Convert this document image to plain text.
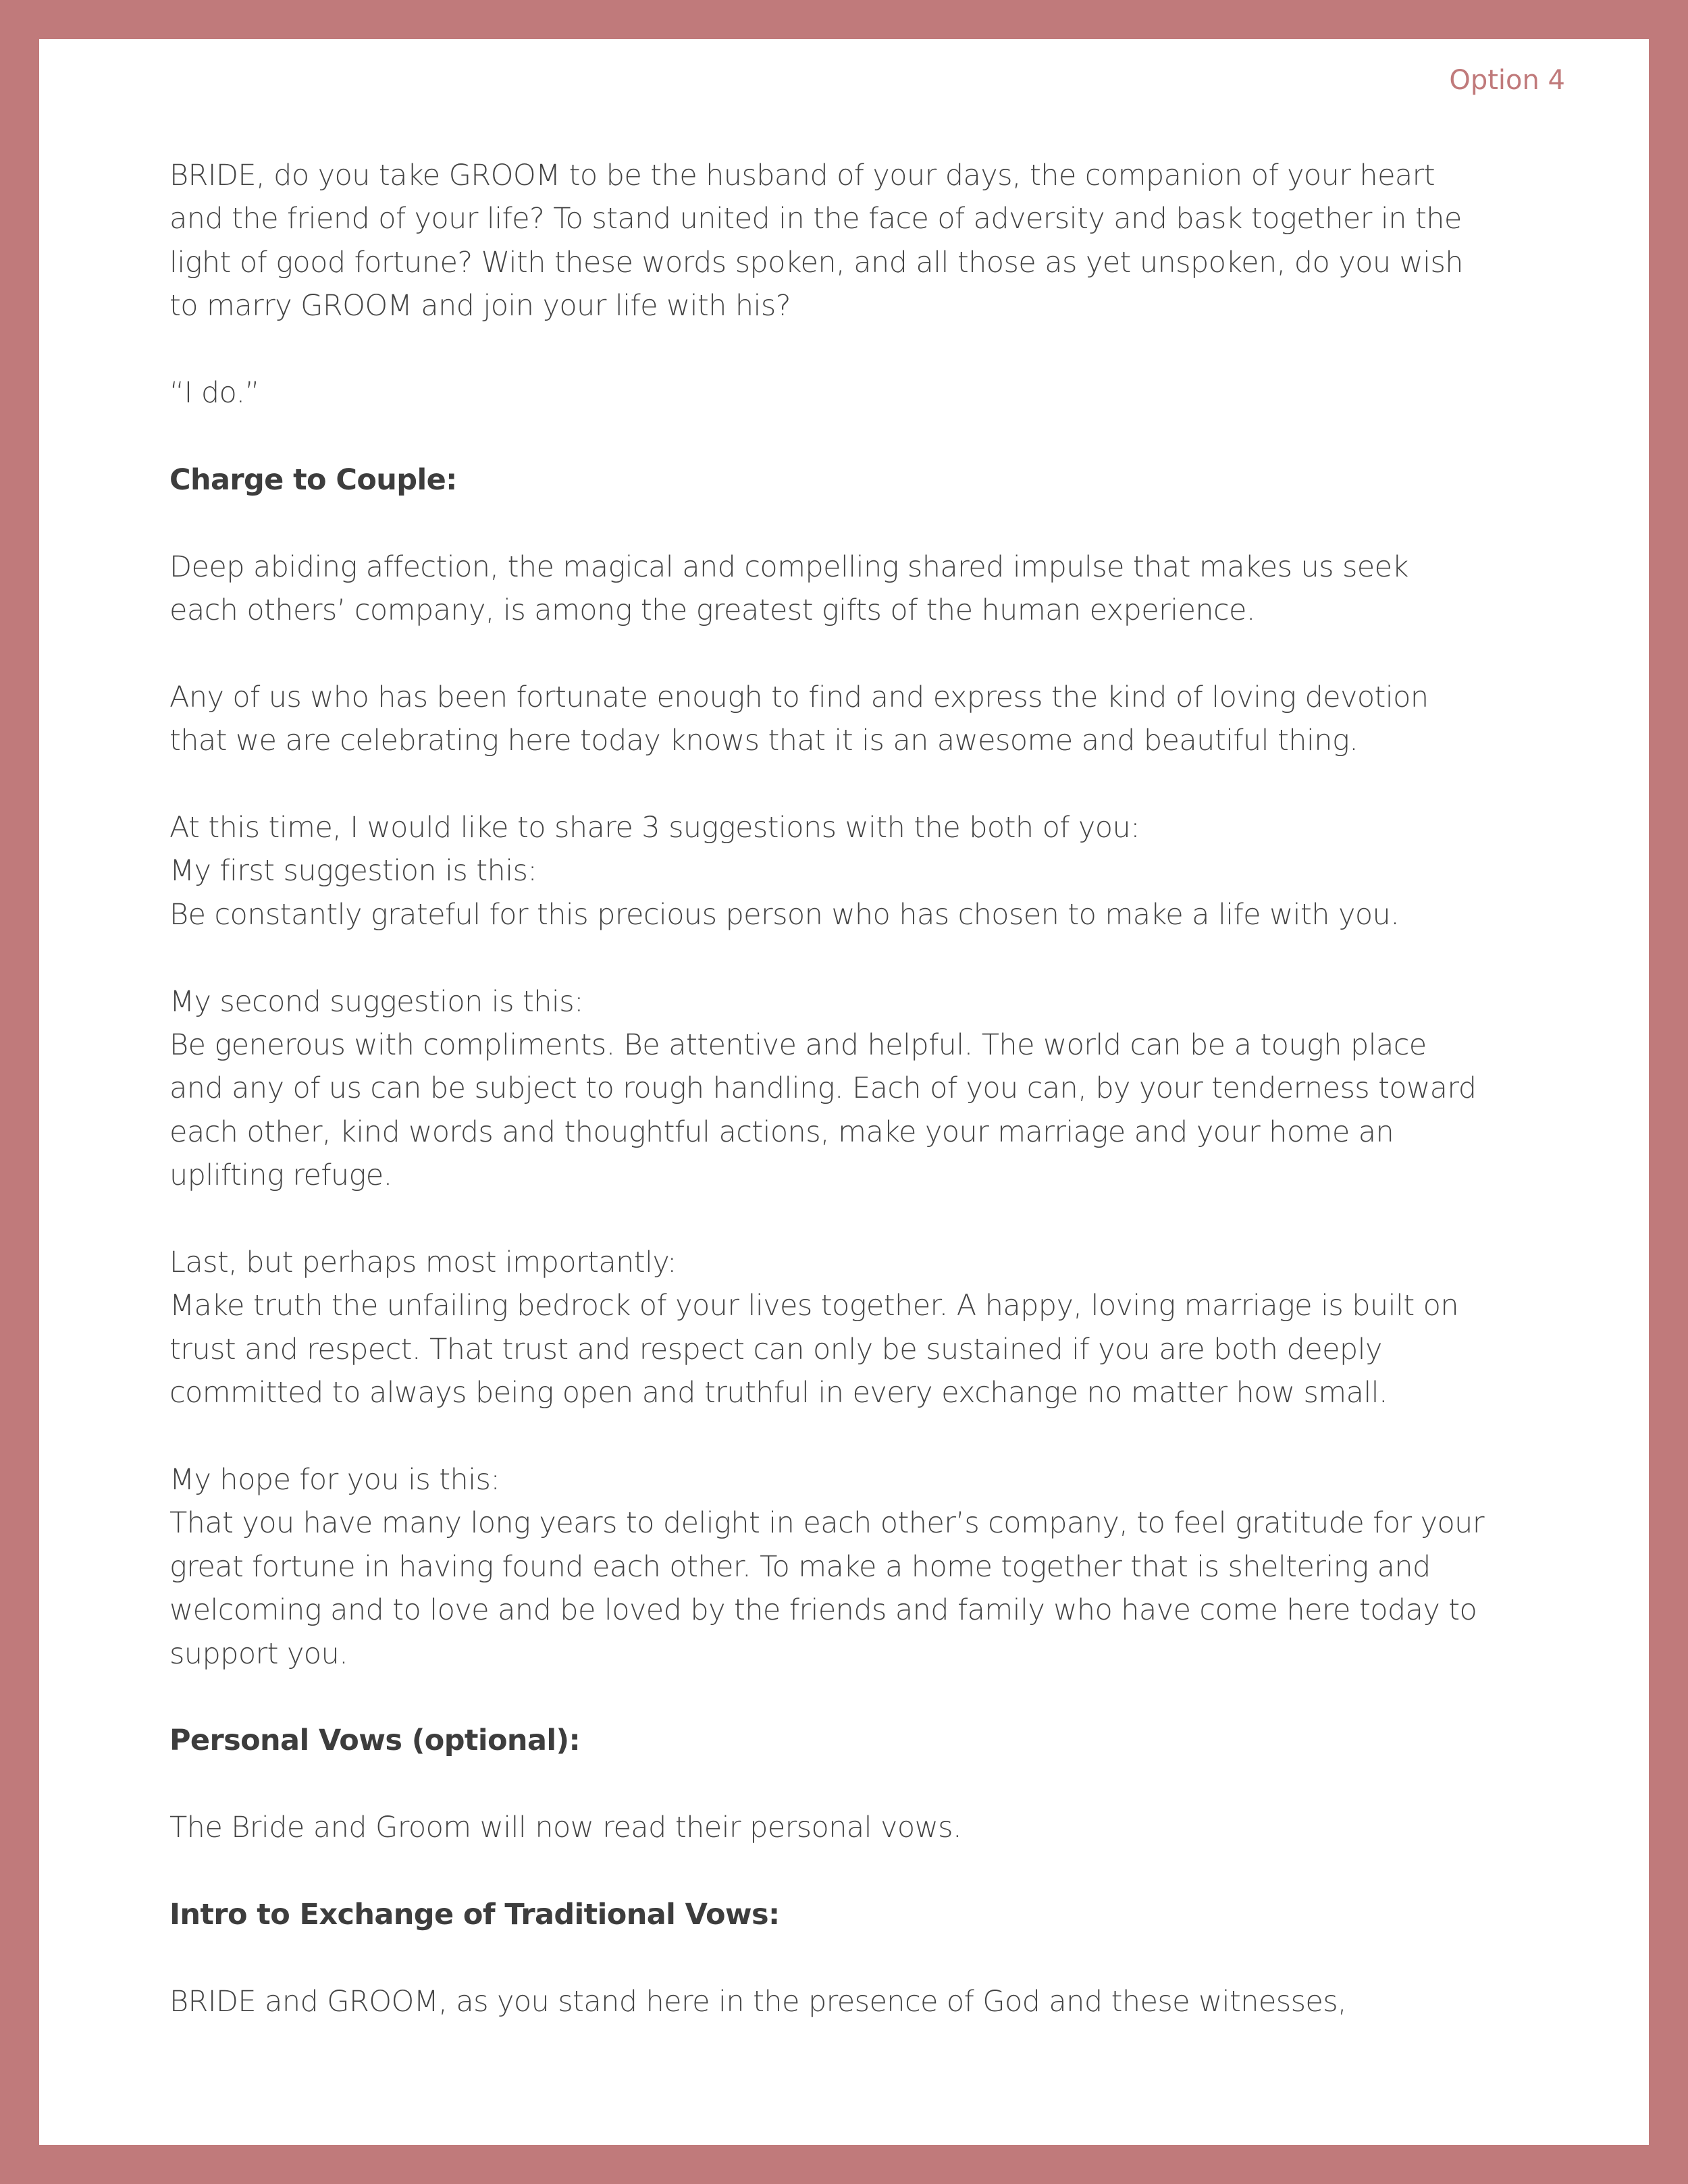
Option 4

BRIDE, do you take GROOM to be the husband of your days, the companion of your heart
and the friend of your life? To stand united in the face of adversity and bask together in the
light of good fortune? With these words spoken, and all those as yet unspoken, do you wish
to marry GROOM and join your life with his?

“I do.”

Charge to Couple:

Deep abiding affection, the magical and compelling shared impulse that makes us seek
each others’ company, is among the greatest gifts of the human experience.

Any of us who has been fortunate enough to find and express the kind of loving devotion
that we are celebrating here today knows that it is an awesome and beautiful thing.

At this time, I would like to share 3 suggestions with the both of you:
My first suggestion is this:
Be constantly grateful for this precious person who has chosen to make a life with you.

My second suggestion is this:
Be generous with compliments. Be attentive and helpful. The world can be a tough place
and any of us can be subject to rough handling. Each of you can, by your tenderness toward
each other, kind words and thoughtful actions, make your marriage and your home an
uplifting refuge.

Last, but perhaps most importantly:
Make truth the unfailing bedrock of your lives together. A happy, loving marriage is built on
trust and respect. That trust and respect can only be sustained if you are both deeply
committed to always being open and truthful in every exchange no matter how small.

My hope for you is this:
That you have many long years to delight in each other’s company, to feel gratitude for your
great fortune in having found each other. To make a home together that is sheltering and
welcoming and to love and be loved by the friends and family who have come here today to
support you.

Personal Vows (optional):

The Bride and Groom will now read their personal vows.

Intro to Exchange of Traditional Vows:

BRIDE and GROOM, as you stand here in the presence of God and these witnesses,
